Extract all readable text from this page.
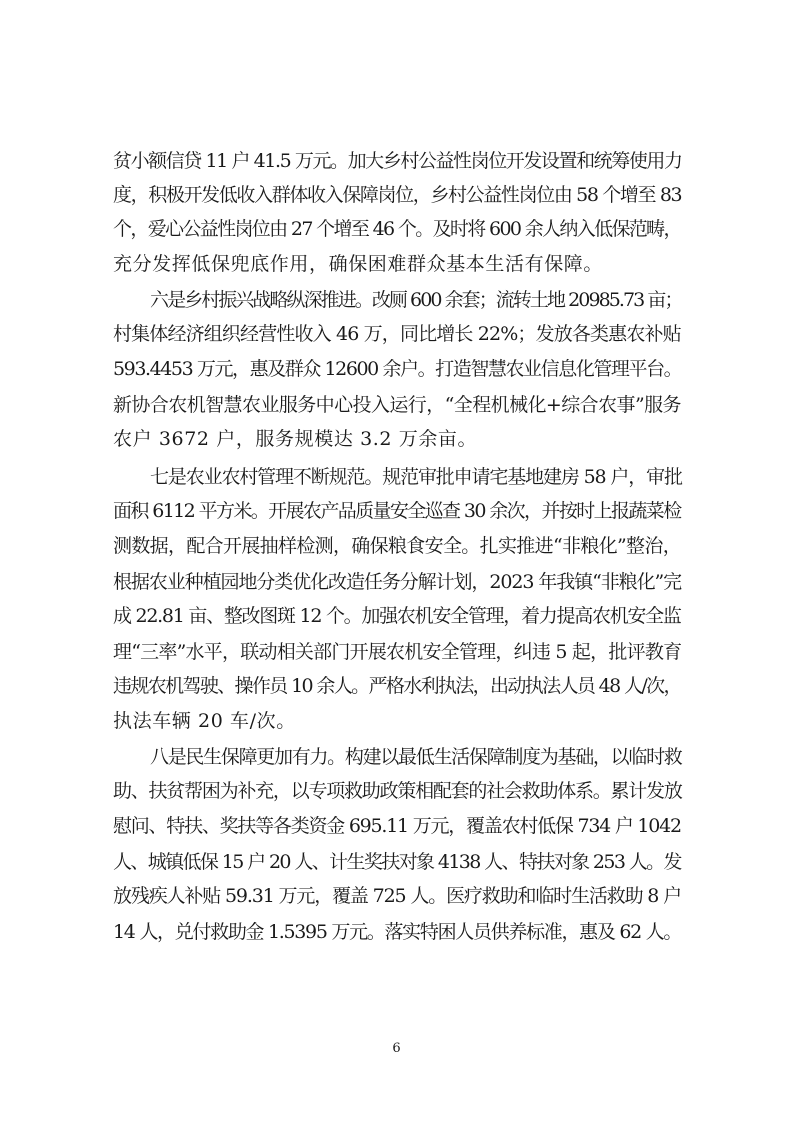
贫小额信贷 11 户 41.5 万元。加大乡村公益性岗位开发设置和统筹使用力
度，积极开发低收入群体收入保障岗位，乡村公益性岗位由 58 个增至 83
个，爱心公益性岗位由 27 个增至 46 个。及时将 600 余人纳入低保范畴，
充分发挥低保兜底作用，确保困难群众基本生活有保障。
六是乡村振兴战略纵深推进。改厕 600 余套；流转土地 20985.73 亩；
村集体经济组织经营性收入 46 万，同比增长 22%；发放各类惠农补贴
593.4453 万元，惠及群众 12600 余户。打造智慧农业信息化管理平台。
新协合农机智慧农业服务中心投入运行，“全程机械化+综合农事”服务
农户 3672 户，服务规模达 3.2 万余亩。
七是农业农村管理不断规范。规范审批申请宅基地建房 58 户，审批
面积 6112 平方米。开展农产品质量安全巡查 30 余次，并按时上报蔬菜检
测数据，配合开展抽样检测，确保粮食安全。扎实推进“非粮化”整治，
根据农业种植园地分类优化改造任务分解计划，2023 年我镇“非粮化”完
成 22.81 亩、整改图斑 12 个。加强农机安全管理，着力提高农机安全监
理“三率”水平，联动相关部门开展农机安全管理，纠违 5 起，批评教育
违规农机驾驶、操作员 10 余人。严格水利执法，出动执法人员 48 人/次，
执法车辆 20 车/次。
八是民生保障更加有力。构建以最低生活保障制度为基础，以临时救
助、扶贫帮困为补充，以专项救助政策相配套的社会救助体系。累计发放
慰问、特扶、奖扶等各类资金 695.11 万元，覆盖农村低保 734 户 1042
人、城镇低保 15 户 20 人、计生奖扶对象 4138 人、特扶对象 253 人。发
放残疾人补贴 59.31 万元，覆盖 725 人。医疗救助和临时生活救助 8 户
14 人，兑付救助金 1.5395 万元。落实特困人员供养标准，惠及 62 人。
6
